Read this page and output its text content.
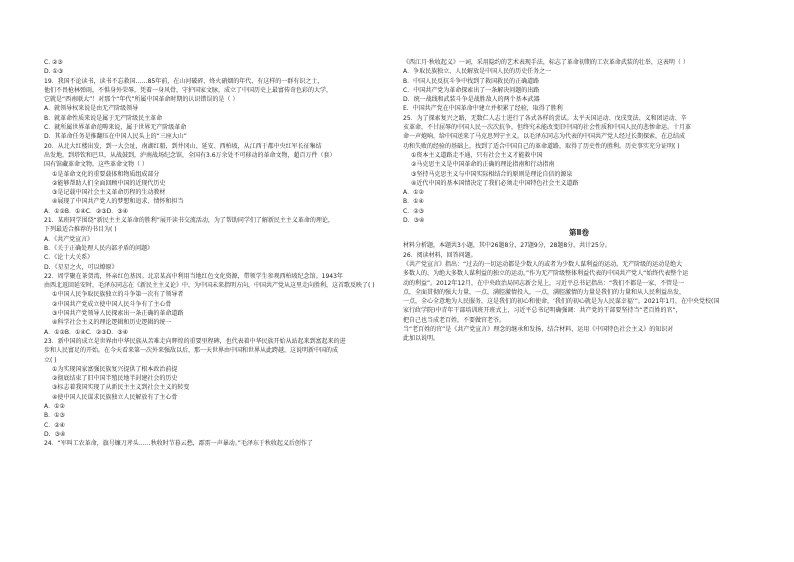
C. ②③
D. ①③
19．我国不论读书，读书不忘救国……85年前，在山河破碎、烽火硝烟的年代，有这样的一群有识之士，
他们不畏枪林弹雨，不惧身外荣辱，凭着一身风骨，守护国家文脉，成立了中国历史上最富传奇色彩的大学，
它就是“西南联大”！对那个“年代”所属中国革命时期的认识错误的是（ ）
A．就领导权来说是由无产阶级领导
B．就革命性质来说是属于无产阶级民主革命
C．就所属世界革命范畴来说，属于世界无产阶级革命
D．其革命任务是推翻压在中国人民头上的“三座大山”
20．从北大红楼出发，到一大会址，南湖红船，到井冈山、延安、西柏坡，从江西于都中央红军长征集结
出发地，到塔钦和巴旦，从战鼓到，泸南战场纪念馆，全国有3.6万余处不可移动的革命文物，超百万件（套）
国有馆藏革命文物。这些革命文物（ ）
①是革命文化的重要载体和物质组成部分
②能够帮助人们全面回顾中国的近现代历史
③是记载中国社会主义革命历程的生动教材
④展现了中国共产党人的梦想和追求、情怀和担当
A．①②B．①④C．②③D．③④
21．某班同学围绕“新民主主义革命的胜利”展开读书交流活动，为了帮助同学们了解新民主主义革命的理论，
下列最适合推荐的书目为( )
A．《共产党宣言》
B．《关于正确处理人民内部矛盾的问题》
C．《论十大关系》
D．《星星之火，可以燎原》
22．周学聚在茶贺湾，怀亲红色基因。北京某高中利用当地红色文化资源，带领学生参观西柏坡纪念馆。1943年
由西北返回延安时，毛泽东同志在《新民主主义论》中，为中国未来指明方向，中国共产党从这里走向胜利，这首歌反映了( )
①中国人民争取民族独立的斗争第一次有了领导者
②中国共产党成立使中国人民斗争有了主心骨
③中国共产党领导人民探索出一条正确的革命道路
④科学社会主义的理论逻辑和历史逻辑的统一
A．①②B．①④C．②③D．③④
23．新中国的成立是世界由中华民族从苦难走向辉煌的重要里程碑，也代表着中华民族开始从站起来到富起来的进
步和人民富足的开始。在今天看来第一次外来强敌以后，那一天世界由中国和世界从此跨越，这说明新中国的成
立( )
①为实现国家富强民族复兴提供了根本政治前提
②彻底结束了旧中国半殖民地半封建社会的历史
③标志着我国实现了从新民主主义到社会主义的转变
④使中国人民谋求民族独立人民解放有了主心骨
A．①②
B．①③
C．②④
D．③④
24．“军叫工农革命，旗号镰刀斧头……秋收时节暮云愁，霹雳一声暴动。”毛泽东于秋收起义后创作了
《西江月·秋收起义》一词，采用隐约的艺术表现手法，标志了革命初期的工农革命武装的壮举，这表明（ ）
A．争取民族独立、人民解放是中国人民的历史任务之一
B．中国人民反抗斗争中找到了救国救民的正确道路
C．中国共产党为革命探索出了一条解决问题的出路
D．统一战线和武装斗争是战胜敌人的两个基本武器
E．中国共产党在中国革命中建立并积累了经验，取得了胜利
25．为了探索复兴之路，无数仁人志士进行了各式各样的尝试。太平天国运动、戊戌变法、义和团运动、辛
亥革命，不甘屈辱的中国人民一次次抗争，但终究未能改变旧中国的社会性质和中国人民的悲惨命运。十月革
命一声炮响，给中国送来了马克思列宁主义。以毛泽东同志为代表的中国共产党人经过长期探索，在总结成
功和失败的经验的基础上，找到了适合中国自己的革命道路，取得了历史性的胜利。历史事实充分证明( )
①资本主义道路走不通，只有社会主义才能救中国
②马克思主义是中国革命的正确的理论指南和行动指南
③坚持马克思主义与中国实际相结合的原则是理论自信的源泉
④近代中国的基本国情决定了我们必须走中国特色社会主义道路
A．①②
B．①④
C．②③
D．③④
第Ⅱ卷
材料分析题，本题共3小题，其中26题8分，27题9分，28题8分，共计25分。
26．阅读材料，回答问题。
《共产党宣言》指出：“过去的一切运动都是少数人的或者为少数人谋利益的运动。无产阶级的运动是绝大
多数人的、为绝大多数人谋利益的独立的运动。”作为无产阶级整体利益代表的中国共产党人“始终代表整个运
动的利益”。2012年12月，在中央政治局同志新会见上，习近平总书记指出：“我们不都是一家，不管是一
点，全面贯彻的强大力量，一点，满腔激情投入，一点，满腔激情的力量是我们的力量和从人民利益出发，
一点，全心全意地为人民服务，这是我们的初心和使命，‘我们的初心就是为人民谋幸福’”。2021年1月，在中央党校(国
家行政学院)中青年干部培训班开班式上，习近平总书记明确强调：共产党的干部要坚持当“老百姓的官”，
把自己也当成老百姓，不要做官老爷。
当“老百姓的官”是《共产党宣言》理念的继承和发扬，结合材料，运用《中国特色社会主义》的知识对
此加以说明。
